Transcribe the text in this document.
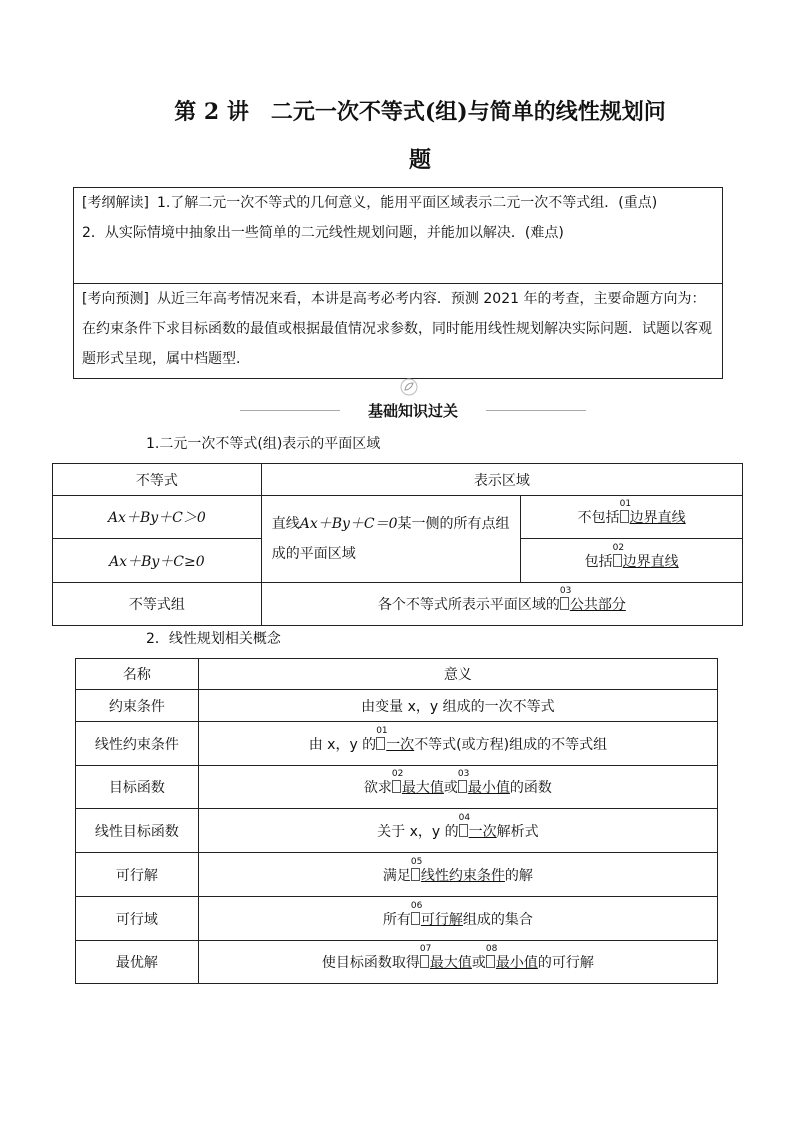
第 2 讲　二元一次不等式(组)与简单的线性规划问
题
[考纲解读] 1.了解二元一次不等式的几何意义，能用平面区域表示二元一次不等式组．(重点)
2．从实际情境中抽象出一些简单的二元线性规划问题，并能加以解决．(难点)
[考向预测] 从近三年高考情况来看，本讲是高考必考内容．预测 2021 年的考查，主要命题方向为：在约束条件下求目标函数的最值或根据最值情况求参数，同时能用线性规划解决实际问题．试题以客观题形式呈现，属中档题型．
基础知识过关
1.二元一次不等式(组)表示的平面区域
不等式	表示区域	
Ax＋By＋C＞0	直线Ax＋By＋C＝0某一侧的所有点组成的平面区域	不包括
01
边界直线
Ax＋By＋C≥0		包括
02
边界直线
不等式组	各个不等式所表示平面区域的
03
公共部分	
2．线性规划相关概念
名称	意义
约束条件	由变量 x，y 组成的一次不等式
线性约束条件	由 x，y 的
01
一次不等式(或方程)组成的不等式组
目标函数	欲求
02
最大值或
03
最小值的函数
线性目标函数	关于 x，y 的
04
一次解析式
可行解	满足
05
线性约束条件的解
可行域	所有
06
可行解组成的集合
最优解	使目标函数取得
07
最大值或
08
最小值的可行解
